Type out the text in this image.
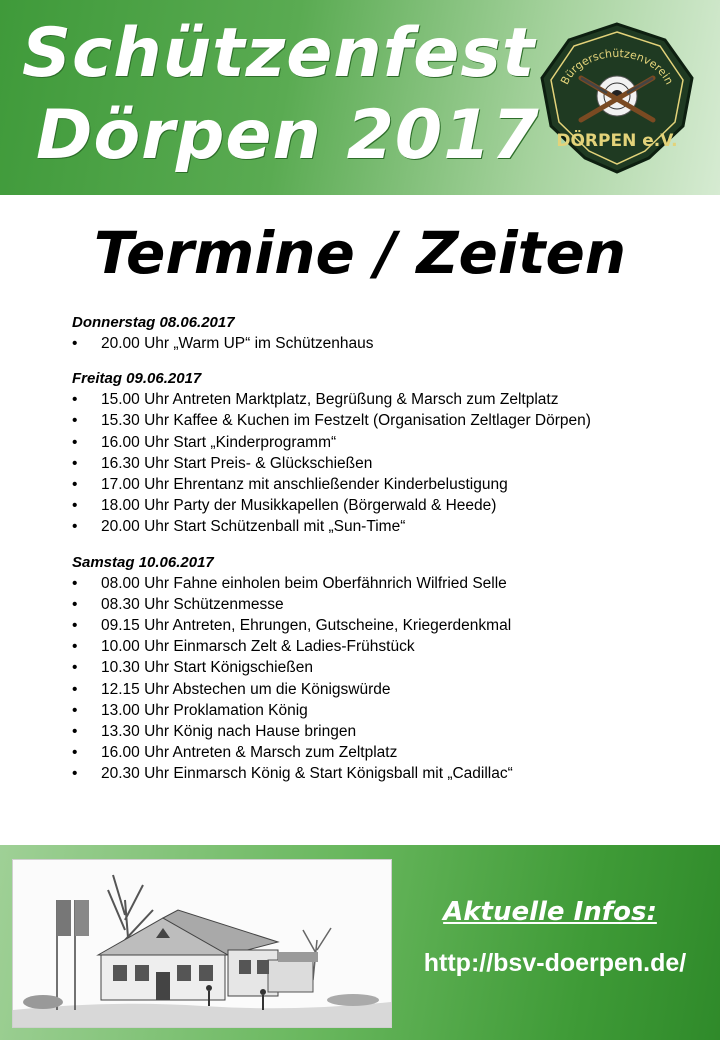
Schützenfest
Dörpen 2017
Bürgerschützenverein
DÖRPEN e.V.
Termine / Zeiten
Donnerstag 08.06.2017
• 20.00 Uhr „Warm UP“ im Schützenhaus
Freitag 09.06.2017
• 15.00 Uhr Antreten Marktplatz, Begrüßung & Marsch zum Zeltplatz
• 15.30 Uhr Kaffee & Kuchen im Festzelt (Organisation Zeltlager Dörpen)
• 16.00 Uhr Start „Kinderprogramm“
• 16.30 Uhr Start Preis- & Glückschießen
• 17.00 Uhr Ehrentanz mit anschließender Kinderbelustigung
• 18.00 Uhr Party der Musikkapellen (Börgerwald & Heede)
• 20.00 Uhr Start Schützenball mit „Sun-Time“
Samstag 10.06.2017
• 08.00 Uhr Fahne einholen beim Oberfähnrich Wilfried Selle
• 08.30 Uhr Schützenmesse
• 09.15 Uhr Antreten, Ehrungen, Gutscheine, Kriegerdenkmal
• 10.00 Uhr Einmarsch Zelt & Ladies-Frühstück
• 10.30 Uhr Start Königschießen
• 12.15 Uhr Abstechen um die Königswürde
• 13.00 Uhr Proklamation König
• 13.30 Uhr König nach Hause bringen
• 16.00 Uhr Antreten & Marsch zum Zeltplatz
• 20.30 Uhr Einmarsch König & Start Königsball mit „Cadillac“
Aktuelle Infos:
http://bsv-doerpen.de/
